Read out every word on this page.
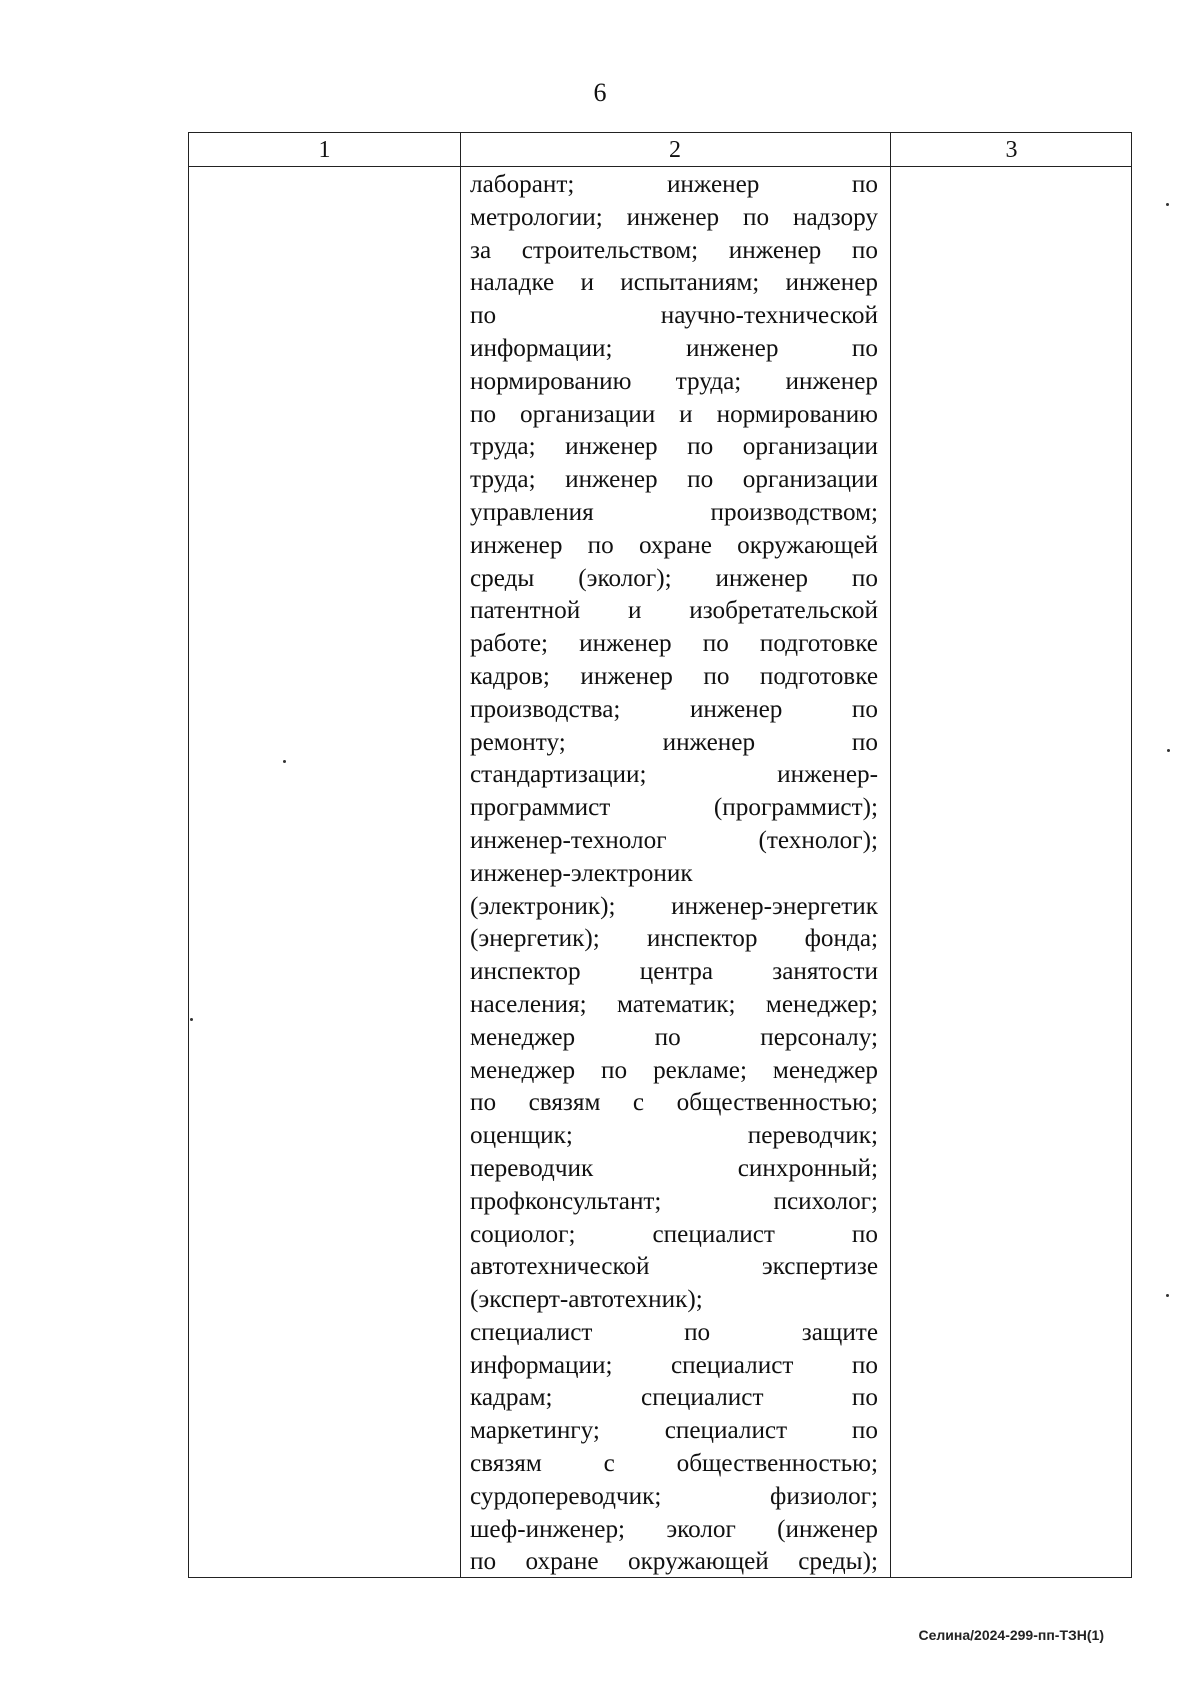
6
1	2	3
лаборант; инженер по
метрологии; инженер по надзору
за строительством; инженер по
наладке и испытаниям; инженер
по научно-технической
информации; инженер по
нормированию труда; инженер
по организации и нормированию
труда; инженер по организации
труда; инженер по организации
управления производством;
инженер по охране окружающей
среды (эколог); инженер по
патентной и изобретательской
работе; инженер по подготовке
кадров; инженер по подготовке
производства; инженер по
ремонту; инженер по
стандартизации; инженер-
программист (программист);
инженер-технолог (технолог);
инженер-электроник
(электроник); инженер-энергетик
(энергетик); инспектор фонда;
инспектор центра занятости
населения; математик; менеджер;
менеджер по персоналу;
менеджер по рекламе; менеджер
по связям с общественностью;
оценщик; переводчик;
переводчик синхронный;
профконсультант; психолог;
социолог; специалист по
автотехнической экспертизе
(эксперт-автотехник);
специалист по защите
информации; специалист по
кадрам; специалист по
маркетингу; специалист по
связям с общественностью;
сурдопереводчик; физиолог;
шеф-инженер; эколог (инженер
по охране окружающей среды);
Селина/2024-299-пп-ТЗН(1)
